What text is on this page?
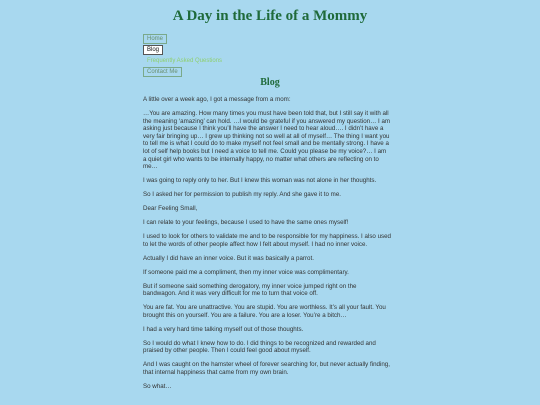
A Day in the Life of a Mommy
Home
Blog
Frequently Asked Questions
Contact Me
Blog

A little over a week ago, I got a message from a mom:

…You are amazing. How many times you must have been told that, but I still say it with all the meaning ‘amazing’ can hold. …I would be grateful if you answered my question… I am asking just because I think you’ll have the answer I need to hear aloud…. I didn’t have a very fair bringing up… I grew up thinking not so well at all of myself… The thing I want you to tell me is what I could do to make myself not feel small and be mentally strong. I have a lot of self help books but I need a voice to tell me. Could you please be my voice?… I am a quiet girl who wants to be internally happy, no matter what others are reflecting on to me…

I was going to reply only to her. But I knew this woman was not alone in her thoughts.

So I asked her for permission to publish my reply. And she gave it to me.

Dear Feeling Small,

I can relate to your feelings, because I used to have the same ones myself!

I used to look for others to validate me and to be responsible for my happiness. I also used to let the words of other people affect how I felt about myself. I had no inner voice.

Actually I did have an inner voice. But it was basically a parrot.

If someone paid me a compliment, then my inner voice was complimentary.

But if someone said something derogatory, my inner voice jumped right on the bandwagon. And it was very difficult for me to turn that voice off.

You are fat. You are unattractive. You are stupid. You are worthless. It’s all your fault. You brought this on yourself. You are a failure. You are a loser. You’re a bitch…

I had a very hard time talking myself out of those thoughts.

So I would do what I knew how to do. I did things to be recognized and rewarded and praised by other people. Then I could feel good about myself.

And I was caught on the hamster wheel of forever searching for, but never actually finding, that internal happiness that came from my own brain.

So what…
